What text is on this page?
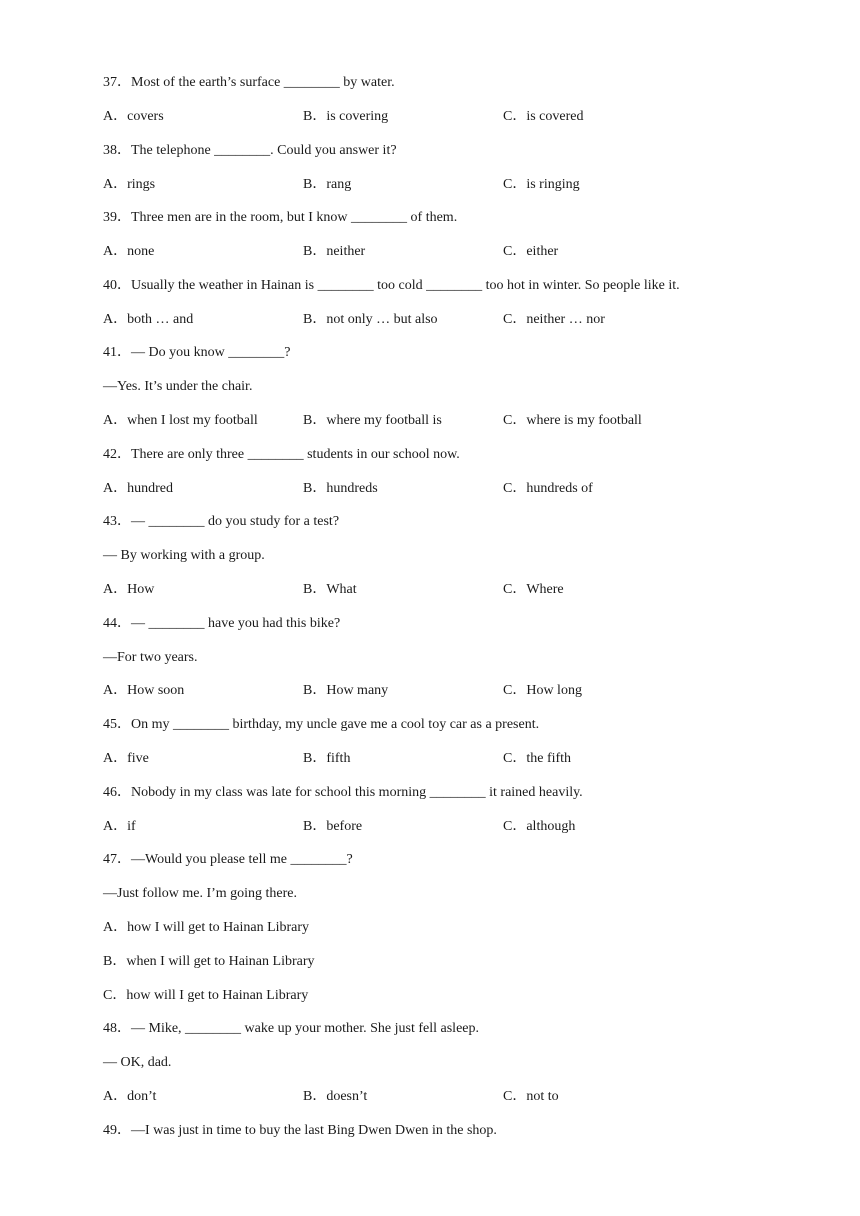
37．Most of the earth’s surface ________ by water.
A．covers	B．is covering	C．is covered
38．The telephone ________. Could you answer it?
A．rings	B．rang	C．is ringing
39．Three men are in the room, but I know ________ of them.
A．none	B．neither	C．either
40．Usually the weather in Hainan is ________ too cold ________ too hot in winter. So people like it.
A．both … and	B．not only … but also	C．neither … nor
41．— Do you know ________?
—Yes. It’s under the chair.
A．when I lost my football	B．where my football is	C．where is my football
42．There are only three ________ students in our school now.
A．hundred	B．hundreds	C．hundreds of
43．— ________ do you study for a test?
— By working with a group.
A．How	B．What	C．Where
44．— ________ have you had this bike?
—For two years.
A．How soon	B．How many	C．How long
45．On my ________ birthday, my uncle gave me a cool toy car as a present.
A．five	B．fifth	C．the fifth
46．Nobody in my class was late for school this morning ________ it rained heavily.
A．if	B．before	C．although
47．—Would you please tell me ________?
—Just follow me. I’m going there.
A．how I will get to Hainan Library
B．when I will get to Hainan Library
C．how will I get to Hainan Library
48．— Mike, ________ wake up your mother. She just fell asleep.
— OK, dad.
A．don’t	B．doesn’t	C．not to
49．—I was just in time to buy the last Bing Dwen Dwen in the shop.
